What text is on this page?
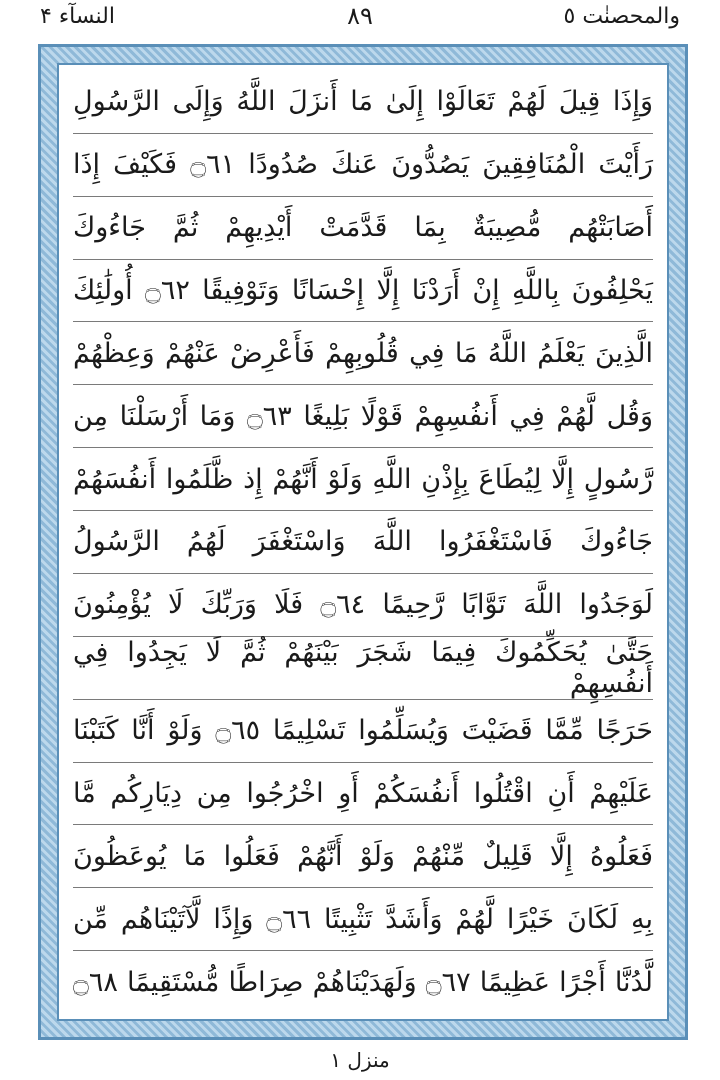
والمحصنٰت ٥
۸۹
النسآء ۴
وَإِذَا قِيلَ لَهُمْ تَعَالَوْا إِلَىٰ مَا أَنزَلَ اللَّهُ وَإِلَى الرَّسُولِ
رَأَيْتَ الْمُنَافِقِينَ يَصُدُّونَ عَنكَ صُدُودًا ۝٦١ فَكَيْفَ إِذَا
أَصَابَتْهُم مُّصِيبَةٌ بِمَا قَدَّمَتْ أَيْدِيهِمْ ثُمَّ جَاءُوكَ
يَحْلِفُونَ بِاللَّهِ إِنْ أَرَدْنَا إِلَّا إِحْسَانًا وَتَوْفِيقًا ۝٦٢ أُولَٰئِكَ
الَّذِينَ يَعْلَمُ اللَّهُ مَا فِي قُلُوبِهِمْ فَأَعْرِضْ عَنْهُمْ وَعِظْهُمْ
وَقُل لَّهُمْ فِي أَنفُسِهِمْ قَوْلًا بَلِيغًا ۝٦٣ وَمَا أَرْسَلْنَا مِن
رَّسُولٍ إِلَّا لِيُطَاعَ بِإِذْنِ اللَّهِ وَلَوْ أَنَّهُمْ إِذ ظَّلَمُوا أَنفُسَهُمْ
جَاءُوكَ فَاسْتَغْفَرُوا اللَّهَ وَاسْتَغْفَرَ لَهُمُ الرَّسُولُ
لَوَجَدُوا اللَّهَ تَوَّابًا رَّحِيمًا ۝٦٤ فَلَا وَرَبِّكَ لَا يُؤْمِنُونَ
حَتَّىٰ يُحَكِّمُوكَ فِيمَا شَجَرَ بَيْنَهُمْ ثُمَّ لَا يَجِدُوا فِي أَنفُسِهِمْ
حَرَجًا مِّمَّا قَضَيْتَ وَيُسَلِّمُوا تَسْلِيمًا ۝٦٥ وَلَوْ أَنَّا كَتَبْنَا
عَلَيْهِمْ أَنِ اقْتُلُوا أَنفُسَكُمْ أَوِ اخْرُجُوا مِن دِيَارِكُم مَّا
فَعَلُوهُ إِلَّا قَلِيلٌ مِّنْهُمْ وَلَوْ أَنَّهُمْ فَعَلُوا مَا يُوعَظُونَ
بِهِ لَكَانَ خَيْرًا لَّهُمْ وَأَشَدَّ تَثْبِيتًا ۝٦٦ وَإِذًا لَّآتَيْنَاهُم مِّن
لَّدُنَّا أَجْرًا عَظِيمًا ۝٦٧ وَلَهَدَيْنَاهُمْ صِرَاطًا مُّسْتَقِيمًا ۝٦٨
منزل ۱
